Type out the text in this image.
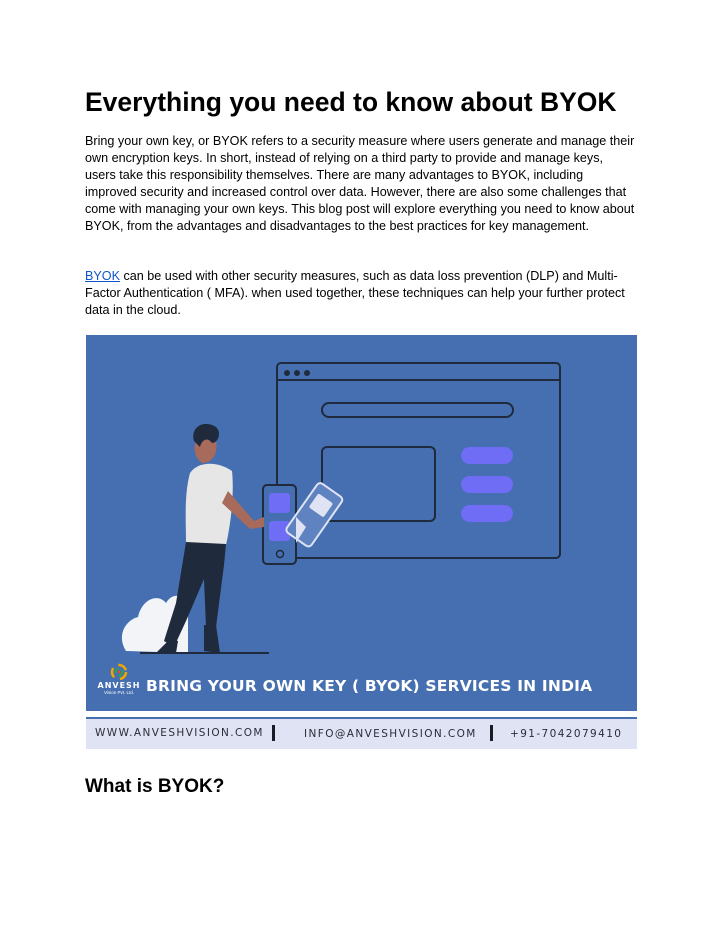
Everything you need to know about BYOK

Bring your own key, or BYOK refers to a security measure where users generate and manage their own encryption keys. In short, instead of relying on a third party to provide and manage keys, users take this responsibility themselves. There are many advantages to BYOK, including improved security and increased control over data. However, there are also some challenges that come with managing your own keys. This blog post will explore everything you need to know about BYOK, from the advantages and disadvantages to the best practices for key management.

BYOK can be used with other security measures, such as data loss prevention (DLP) and Multi-Factor Authentication ( MFA). when used together, these techniques can help your further protect data in the cloud.

ANVESH
Vision Pvt. Ltd. BRING YOUR OWN KEY ( BYOK) SERVICES IN INDIA
WWW.ANVESHVISION.COM	INFO@ANVESHVISION.COM	+91-7042079410
What is BYOK?
